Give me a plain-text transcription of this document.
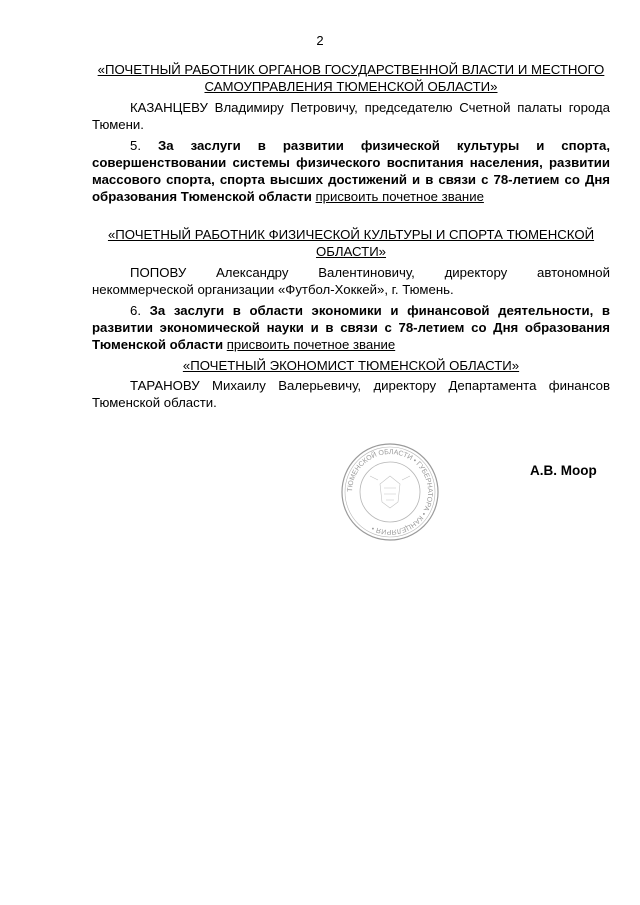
2
«ПОЧЕТНЫЙ РАБОТНИК ОРГАНОВ ГОСУДАРСТВЕННОЙ ВЛАСТИ И МЕСТНОГО САМОУПРАВЛЕНИЯ ТЮМЕНСКОЙ ОБЛАСТИ»
КАЗАНЦЕВУ Владимиру Петровичу, председателю Счетной палаты города Тюмени.
5. За заслуги в развитии физической культуры и спорта, совершенствовании системы физического воспитания населения, развитии массового спорта, спорта высших достижений и в связи с 78-летием со Дня образования Тюменской области присвоить почетное звание
«ПОЧЕТНЫЙ РАБОТНИК ФИЗИЧЕСКОЙ КУЛЬТУРЫ И СПОРТА ТЮМЕНСКОЙ ОБЛАСТИ»
ПОПОВУ Александру Валентиновичу, директору автономной
некоммерческой организации «Футбол-Хоккей», г. Тюмень.
6. За заслуги в области экономики и финансовой деятельности, в развитии экономической науки и в связи с 78-летием со Дня образования Тюменской области присвоить почетное звание
«ПОЧЕТНЫЙ ЭКОНОМИСТ ТЮМЕНСКОЙ ОБЛАСТИ»
ТАРАНОВУ Михаилу Валерьевичу, директору Департамента финансов Тюменской области.
ТЮМЕНСКОЙ ОБЛАСТИ • ГУБЕРНАТОРА • КАНЦЕЛЯРИЯ •
А.В. Моор
